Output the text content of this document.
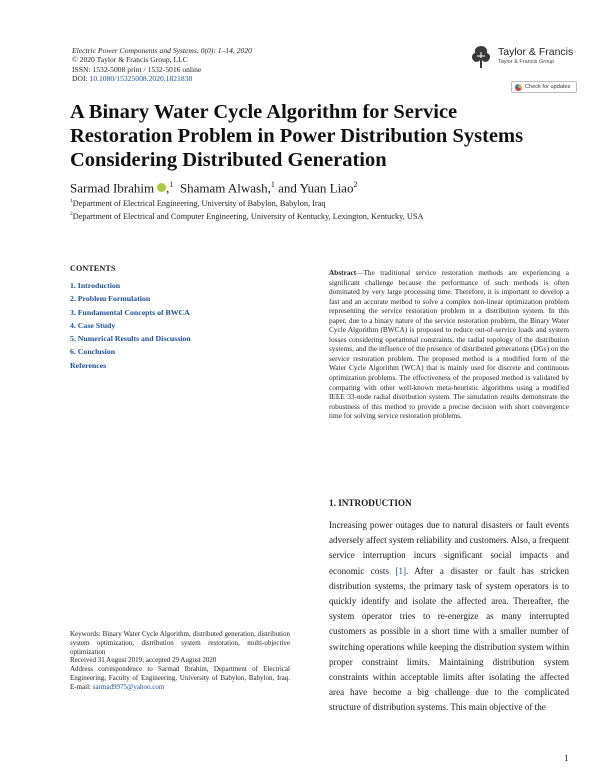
Electric Power Components and Systems, 0(0): 1–14, 2020
© 2020 Taylor & Francis Group, LLC
ISSN: 1532-5008 print / 1532-5016 online
DOI: 10.1080/15325008.2020.1821838
Taylor & Francis
Taylor & Francis Group
Check for updates
A Binary Water Cycle Algorithm for Service Restoration Problem in Power Distribution Systems Considering Distributed Generation
Sarmad Ibrahim ,$^1$ Shamam Alwash,$^1$ and Yuan Liao$^2$
$^1$Department of Electrical Engineering, University of Babylon, Babylon, Iraq
$^2$Department of Electrical and Computer Engineering, University of Kentucky, Lexington, Kentucky, USA
CONTENTS
1. Introduction
2. Problem Formulation
3. Fundamental Concepts of BWCA
4. Case Study
5. Numerical Results and Discussion
6. Conclusion
References
Abstract—The traditional service restoration methods are experiencing a significant challenge because the performance of such methods is often dominated by very large processing time. Therefore, it is important to develop a fast and an accurate method to solve a complex non-linear optimization problem representing the service restoration problem in a distribution system. In this paper, due to a binary nature of the service restoration problem, the Binary Water Cycle Algorithm (BWCA) is proposed to reduce out-of-service loads and system losses considering operational constraints, the radial topology of the distribution systems, and the influence of the presence of distributed generations (DGs) on the service restoration problem. The proposed method is a modified form of the Water Cycle Algorithm (WCA) that is mainly used for discrete and continuous optimization problems. The effectiveness of the proposed method is validated by comparing with other well-known meta-heuristic algorithms using a modified IEEE 33-node radial distribution system. The simulation results demonstrate the robustness of this method to provide a precise decision with short convergence time for solving service restoration problems.
1. INTRODUCTION
Increasing power outages due to natural disasters or fault events adversely affect system reliability and customers. Also, a frequent service interruption incurs significant social impacts and economic costs [1]. After a disaster or fault has stricken distribution systems, the primary task of system operators is to quickly identify and isolate the affected area. Thereafter, the system operator tries to re-energize as many interrupted customers as possible in a short time with a smaller number of switching operations while keeping the distribution system within proper constraint limits. Maintaining distribution system constraints within acceptable limits after isolating the affected area have become a big challenge due to the complicated structure of distribution systems. This main objective of the
Keywords: Binary Water Cycle Algorithm, distributed generation, distribution system optimization, distribution system restoration, multi-objective optimization
Received 31 August 2019; accepted 29 August 2020
Address correspondence to Sarmad Ibrahim, Department of Electrical Engineering, Faculty of Engineering, University of Babylon, Babylon, Iraq. E-mail: sarmad9975@yahoo.com
1
